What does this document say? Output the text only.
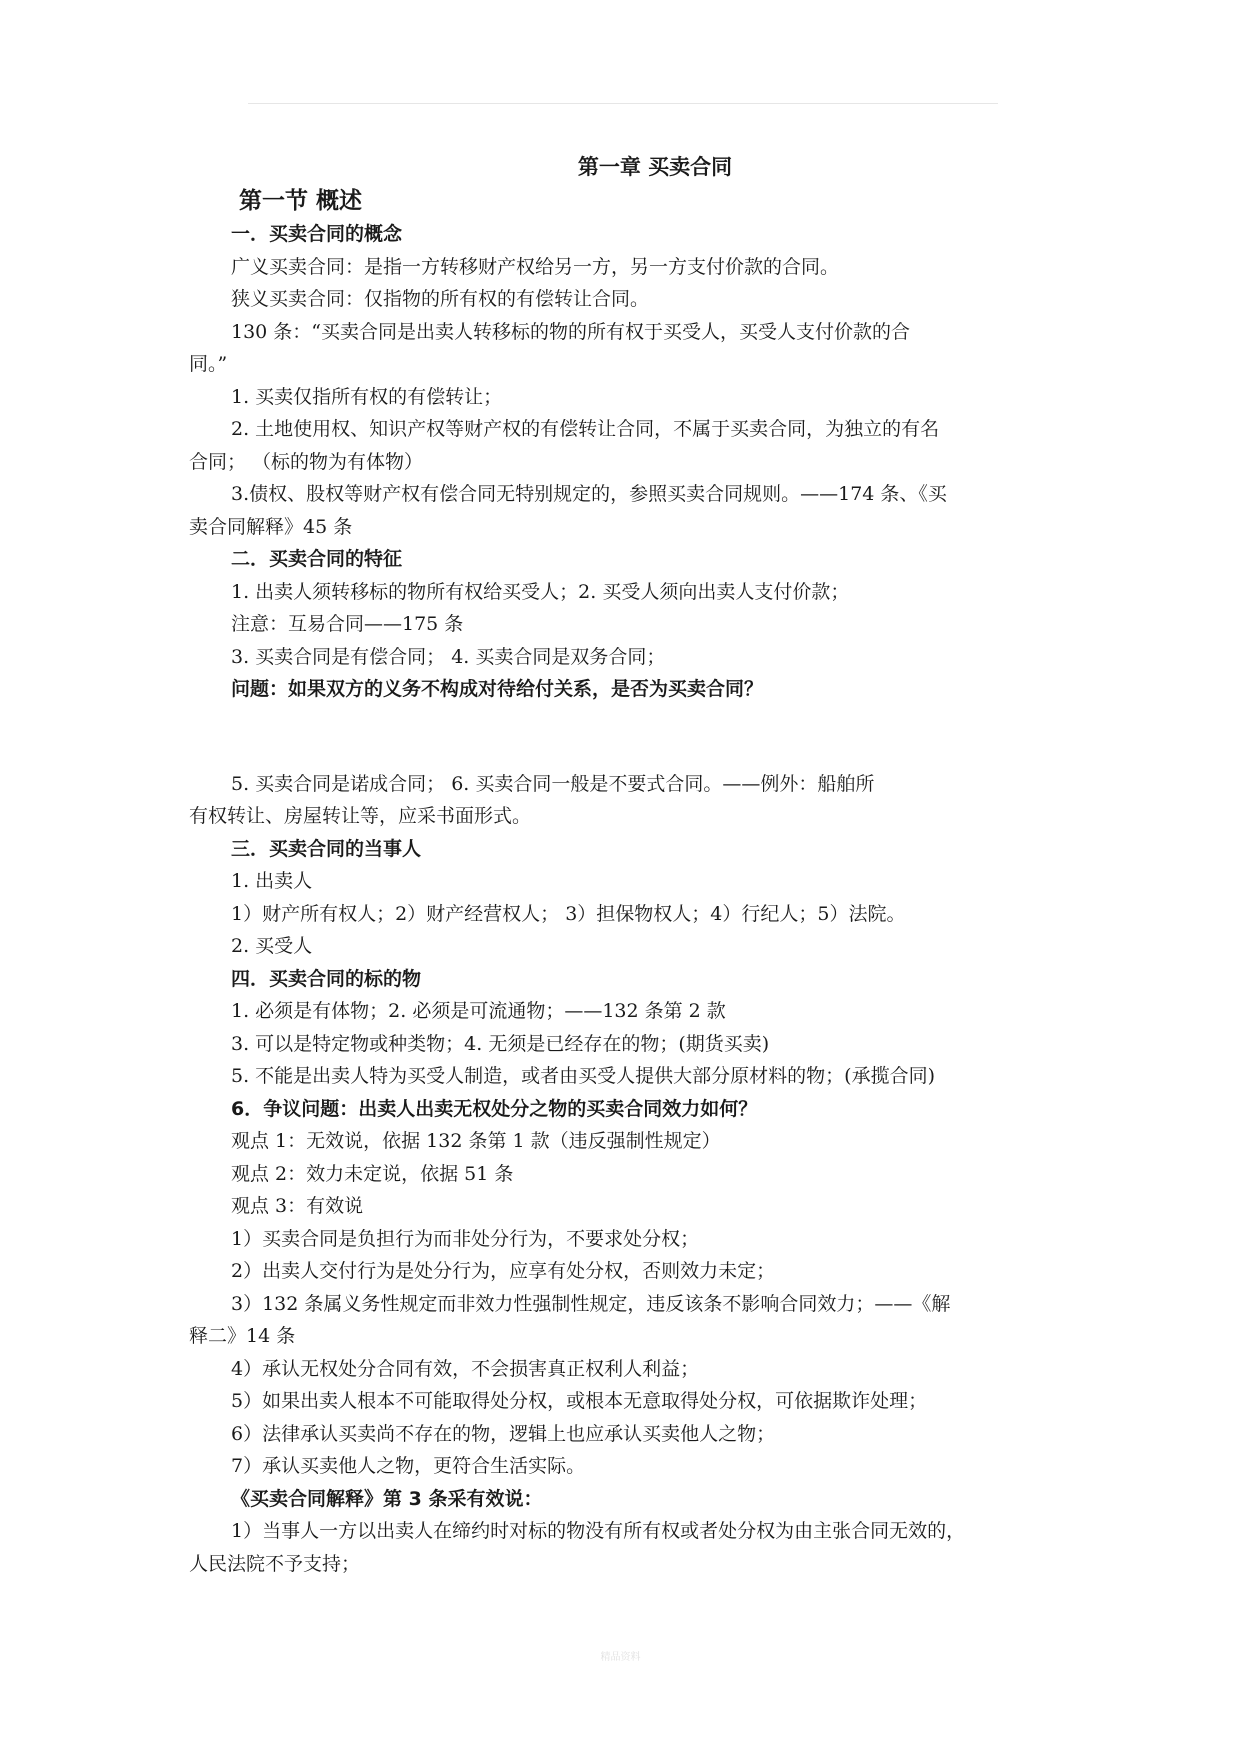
第一章 买卖合同
第一节 概述
一．买卖合同的概念
广义买卖合同：是指一方转移财产权给另一方，另一方支付价款的合同。
狭义买卖合同：仅指物的所有权的有偿转让合同。
130 条：“买卖合同是出卖人转移标的物的所有权于买受人，买受人支付价款的合
同。”
1. 买卖仅指所有权的有偿转让；
2. 土地使用权、知识产权等财产权的有偿转让合同，不属于买卖合同，为独立的有名
合同； （标的物为有体物）
3.债权、股权等财产权有偿合同无特别规定的，参照买卖合同规则。——174 条、《买
卖合同解释》45 条
二．买卖合同的特征
1. 出卖人须转移标的物所有权给买受人；2. 买受人须向出卖人支付价款；
注意：互易合同——175 条
3. 买卖合同是有偿合同； 4. 买卖合同是双务合同；
问题：如果双方的义务不构成对待给付关系，是否为买卖合同？
5. 买卖合同是诺成合同； 6. 买卖合同一般是不要式合同。——例外：船舶所
有权转让、房屋转让等，应采书面形式。
三．买卖合同的当事人
1. 出卖人
1）财产所有权人；2）财产经营权人； 3）担保物权人；4）行纪人；5）法院。
2. 买受人
四．买卖合同的标的物
1. 必须是有体物；2. 必须是可流通物；——132 条第 2 款
3. 可以是特定物或种类物；4. 无须是已经存在的物；(期货买卖)
5. 不能是出卖人特为买受人制造，或者由买受人提供大部分原材料的物；(承揽合同)
6．争议问题：出卖人出卖无权处分之物的买卖合同效力如何？
观点 1：无效说，依据 132 条第 1 款（违反强制性规定）
观点 2：效力未定说，依据 51 条
观点 3：有效说
1）买卖合同是负担行为而非处分行为，不要求处分权；
2）出卖人交付行为是处分行为，应享有处分权，否则效力未定；
3）132 条属义务性规定而非效力性强制性规定，违反该条不影响合同效力；——《解
释二》14 条
4）承认无权处分合同有效，不会损害真正权利人利益；
5）如果出卖人根本不可能取得处分权，或根本无意取得处分权，可依据欺诈处理；
6）法律承认买卖尚不存在的物，逻辑上也应承认买卖他人之物；
7）承认买卖他人之物，更符合生活实际。
《买卖合同解释》第 3 条采有效说：
1）当事人一方以出卖人在缔约时对标的物没有所有权或者处分权为由主张合同无效的，
人民法院不予支持；
精品资料
